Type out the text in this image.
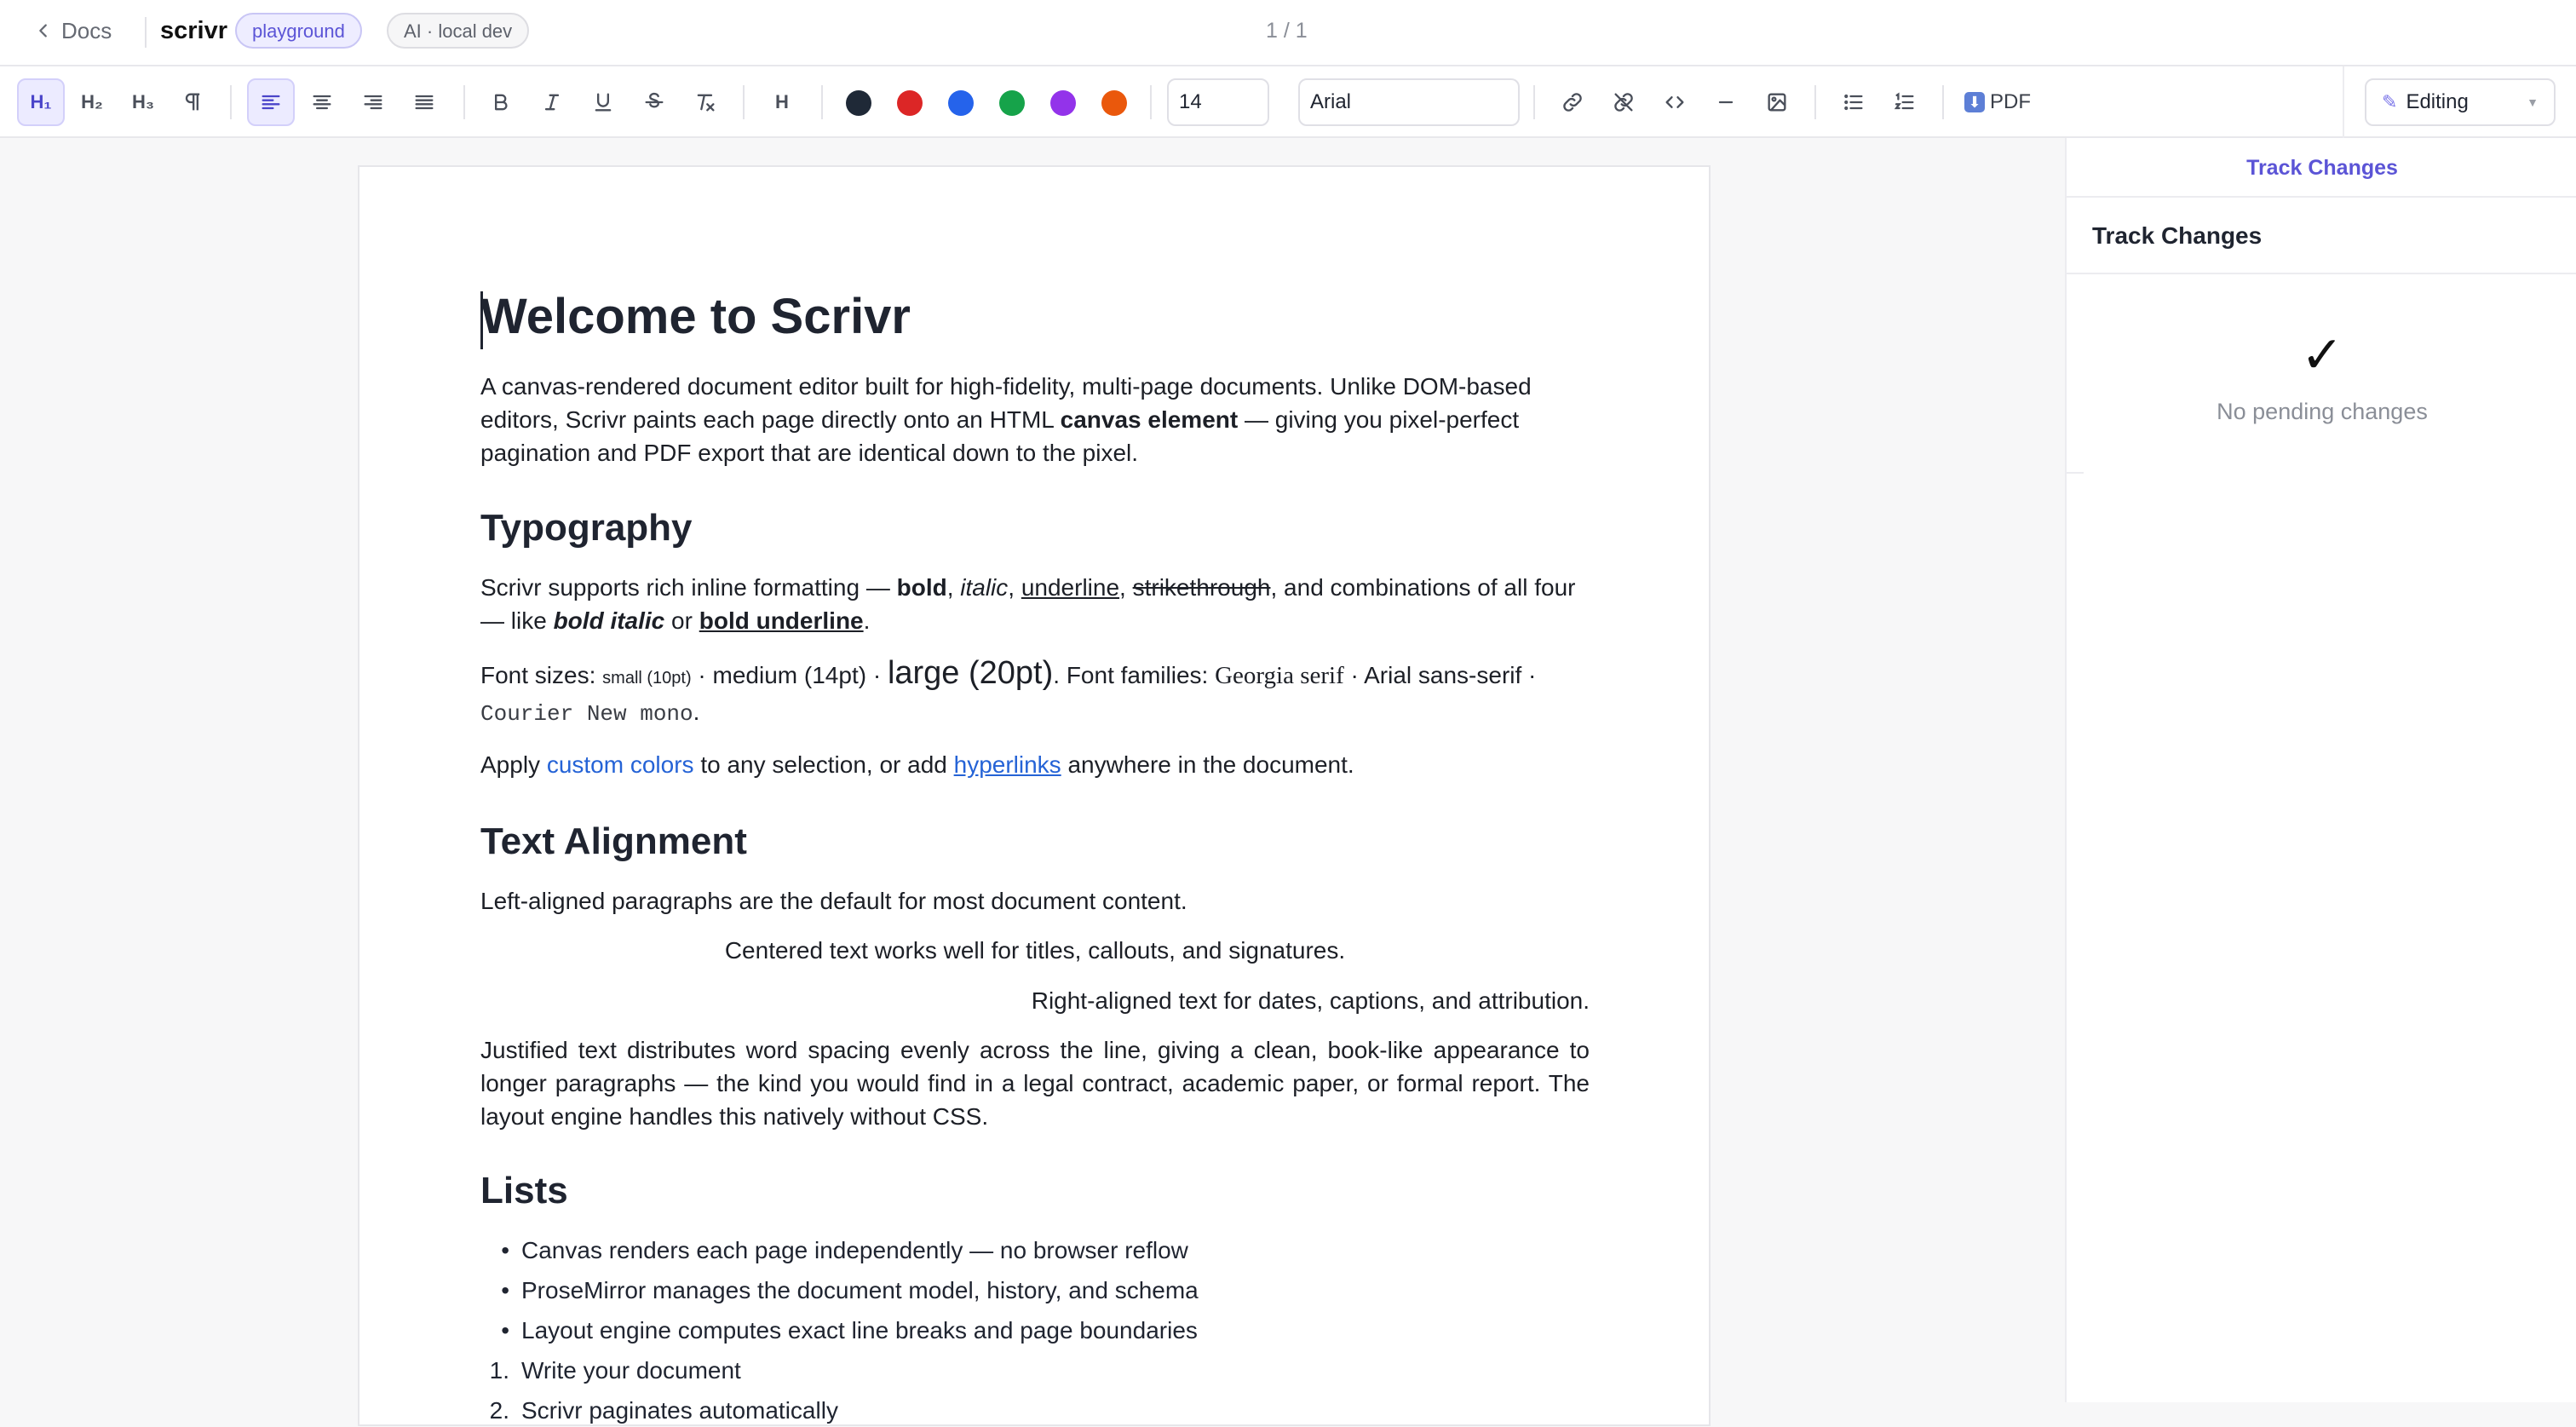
Docs scrivr	playground	AI · local dev	1 / 1
H₁	H₂	H₃	H	14	Arial	⬇ PDF	✎ Editing	▼
Welcome to Scrivr

A canvas-rendered document editor built for high-fidelity, multi-page documents. Unlike DOM-based editors, Scrivr paints each page directly onto an HTML canvas element — giving you pixel-perfect pagination and PDF export that are identical down to the pixel.

Typography

Scrivr supports rich inline formatting — bold, italic, underline, strikethrough, and combinations of all four — like bold italic or bold underline.

Font sizes: small (10pt) · medium (14pt) · large (20pt). Font families: Georgia serif · Arial sans-serif · Courier New mono.

Apply custom colors to any selection, or add hyperlinks anywhere in the document.

Text Alignment

Left-aligned paragraphs are the default for most document content.

Centered text works well for titles, callouts, and signatures.

Right-aligned text for dates, captions, and attribution.

Justified text distributes word spacing evenly across the line, giving a clean, book-like appearance to longer paragraphs — the kind you would find in a legal contract, academic paper, or formal report. The layout engine handles this natively without CSS.

Lists
• Canvas renders each page independently — no browser reflow
• ProseMirror manages the document model, history, and schema
• Layout engine computes exact line breaks and page boundaries
1. Write your document
2. Scrivr paginates automatically
Track Changes
Track Changes
✓
No pending changes
